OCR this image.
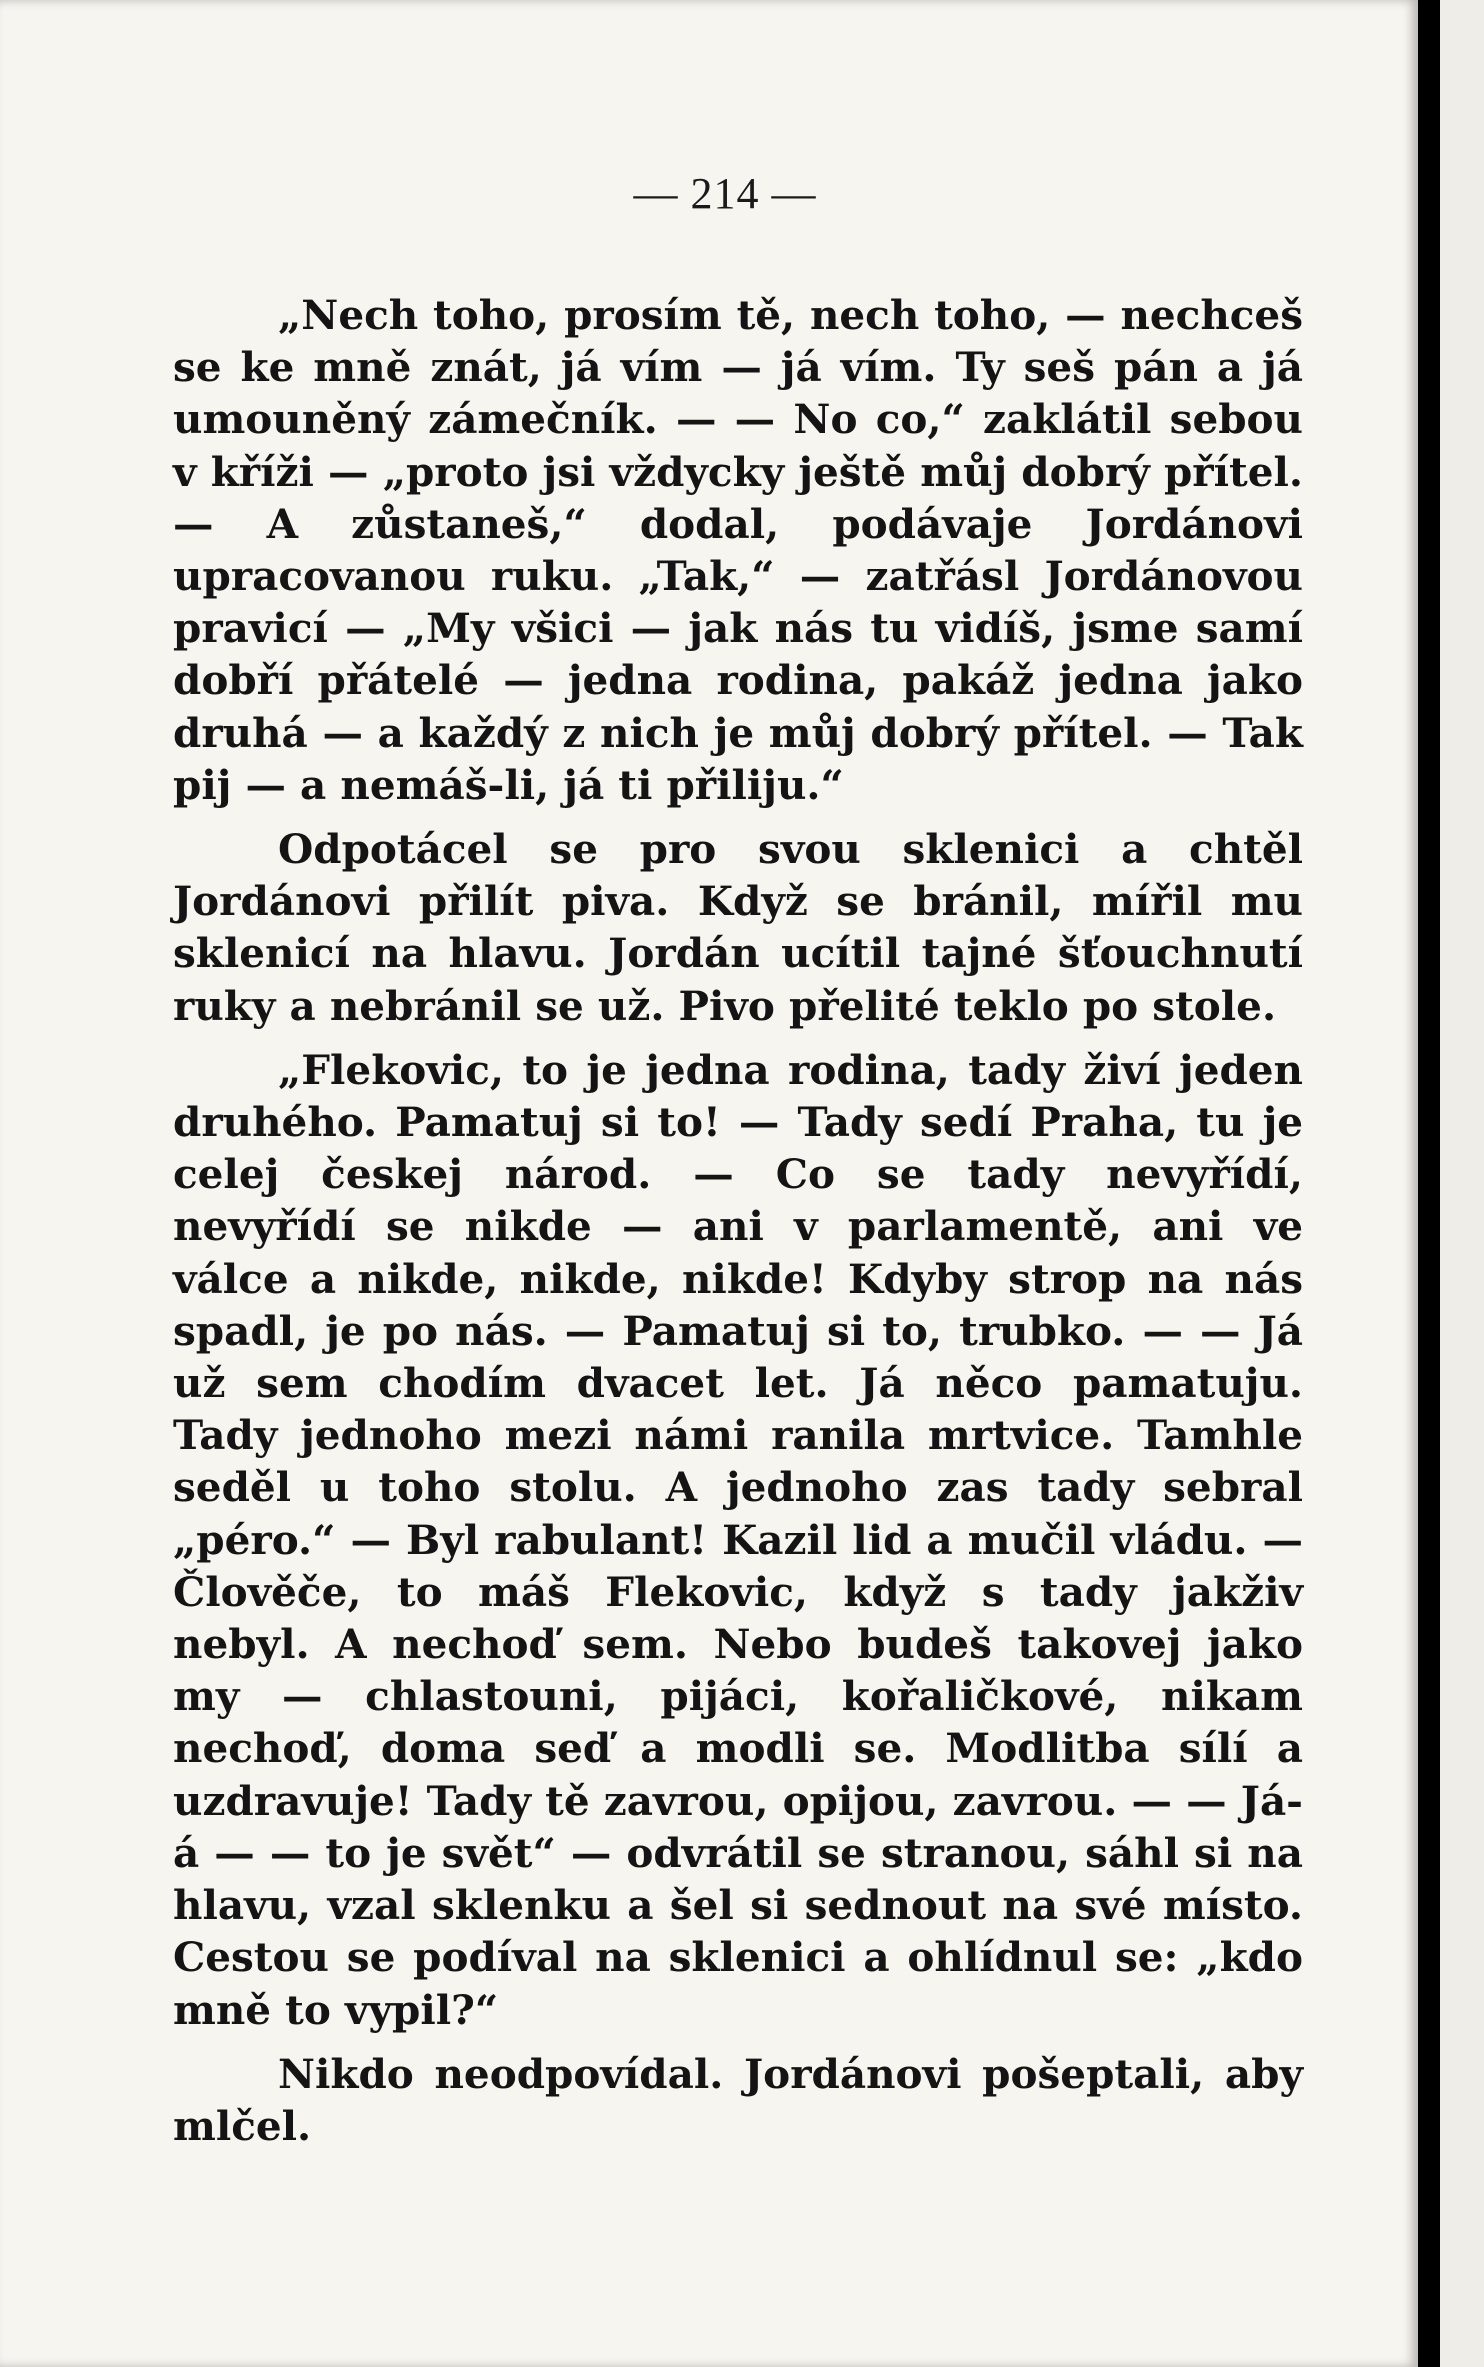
— 214 —

„Nech toho, prosím tě, nech toho, — nechceš se ke mně znát, já vím — já vím. Ty seš pán a já umouněný zámečník. — — No co,“ zaklátil sebou v kříži — „proto jsi vždycky ještě můj dobrý přítel. — A zůstaneš,“ dodal, podávaje Jordánovi upracovanou ruku. „Tak,“ — zatřásl Jordánovou pravicí — „My všici — jak nás tu vidíš, jsme samí dobří přátelé — jedna rodina, pakáž jedna jako druhá — a každý z nich je můj dobrý přítel. — Tak pij — a nemáš-li, já ti přiliju.“

Odpotácel se pro svou sklenici a chtěl Jordánovi přilít piva. Když se bránil, mířil mu sklenicí na hlavu. Jordán ucítil tajné šťouchnutí ruky a nebránil se už. Pivo přelité teklo po stole.

„Flekovic, to je jedna rodina, tady živí jeden druhého. Pamatuj si to! — Tady sedí Praha, tu je celej českej národ. — Co se tady nevyřídí, nevyřídí se nikde — ani v parlamentě, ani ve válce a nikde, nikde, nikde! Kdyby strop na nás spadl, je po nás. — Pamatuj si to, trubko. — — Já už sem chodím dvacet let. Já něco pamatuju. Tady jednoho mezi námi ranila mrtvice. Tamhle seděl u toho stolu. A jednoho zas tady sebral „péro.“ — Byl rabulant! Kazil lid a mučil vládu. — Člověče, to máš Flekovic, když s tady jakživ nebyl. A nechoď sem. Nebo budeš takovej jako my — chlastouni, pijáci, kořaličkové, nikam nechoď, doma seď a modli se. Modlitba sílí a uzdravuje! Tady tě zavrou, opijou, zavrou. — — Já-á — — to je svět“ — odvrátil se stranou, sáhl si na hlavu, vzal sklenku a šel si sednout na své místo. Cestou se podíval na sklenici a ohlídnul se: „kdo mně to vypil?“

Nikdo neodpovídal. Jordánovi pošeptali, aby mlčel.
